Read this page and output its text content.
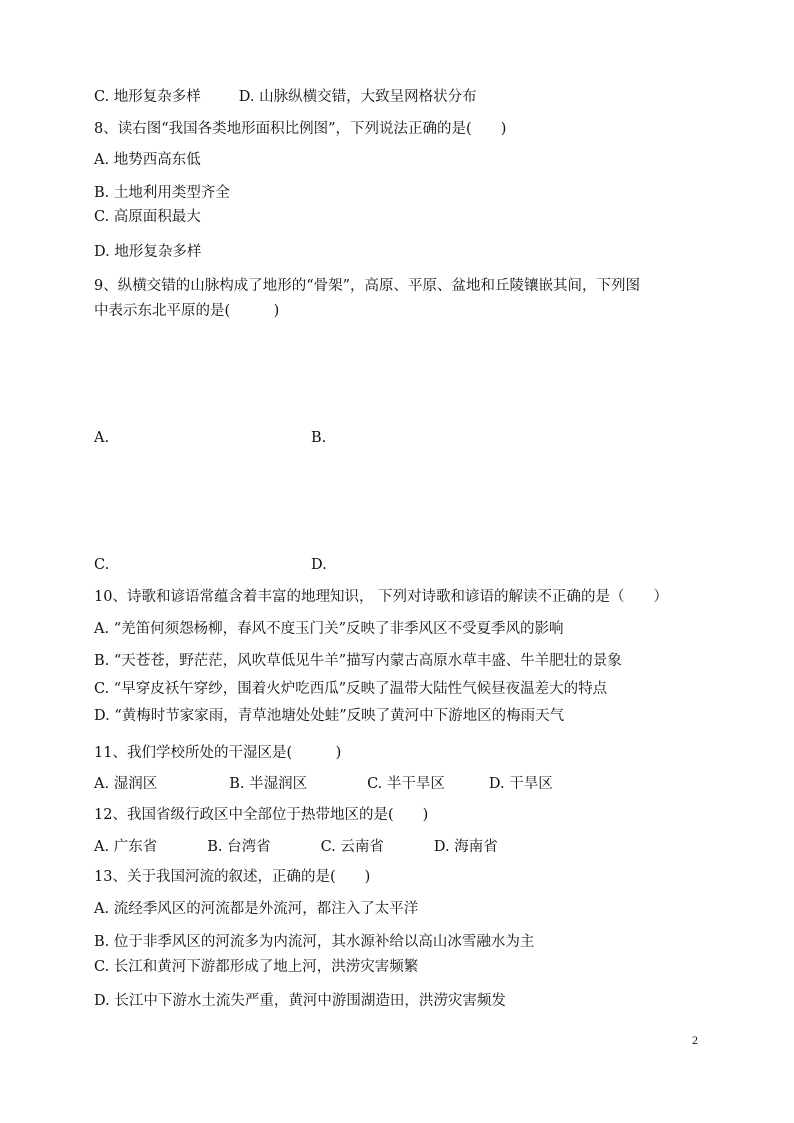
C. 地形复杂多样	D. 山脉纵横交错，大致呈网格状分布
8、读右图“我国各类地形面积比例图”，下列说法正确的是(　　)
A. 地势西高东低
B. 土地利用类型齐全
C. 高原面积最大
D. 地形复杂多样
9、纵横交错的山脉构成了地形的“骨架”，高原、平原、盆地和丘陵镶嵌其间，下列图
中表示东北平原的是(　　　)
A.	B.
C.	D.
10、诗歌和谚语常蕴含着丰富的地理知识， 下列对诗歌和谚语的解读不正确的是（　　）
A. “羌笛何须怨杨柳，春风不度玉门关”反映了非季风区不受夏季风的影响
B. “天苍苍，野茫茫，风吹草低见牛羊”描写内蒙古高原水草丰盛、牛羊肥壮的景象
C. “早穿皮袄午穿纱，围着火炉吃西瓜”反映了温带大陆性气候昼夜温差大的特点
D. “黄梅时节家家雨，青草池塘处处蛙”反映了黄河中下游地区的梅雨天气
11、我们学校所处的干湿区是(　　　)
A. 湿润区	B. 半湿润区	C. 半干旱区	D. 干旱区
12、我国省级行政区中全部位于热带地区的是(　　)
A. 广东省	B. 台湾省	C. 云南省	D. 海南省
13、关于我国河流的叙述，正确的是(　　)
A. 流经季风区的河流都是外流河，都注入了太平洋
B. 位于非季风区的河流多为内流河，其水源补给以高山冰雪融水为主
C. 长江和黄河下游都形成了地上河，洪涝灾害频繁
D. 长江中下游水土流失严重，黄河中游围湖造田，洪涝灾害频发
2
